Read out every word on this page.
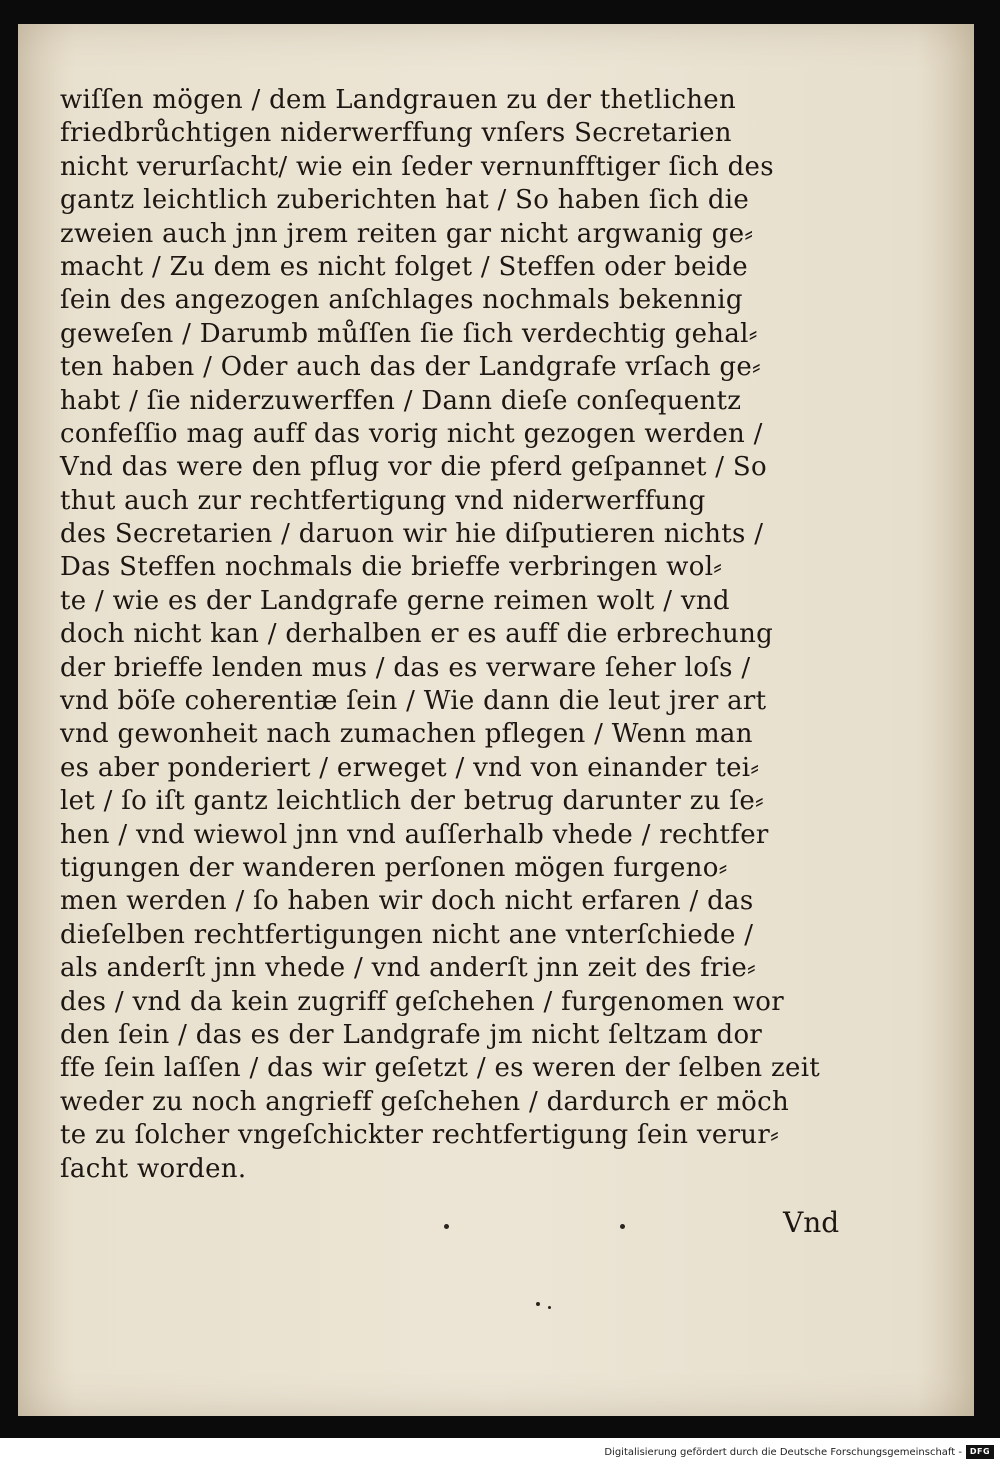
wiſſen mögen / dem Landgrauen zu der thetlichen
friedbrůchtigen niderwerffung vnſers Secretarien
nicht verurſacht/ wie ein ſeder vernunfftiger ſich des
gantz leichtlich zuberichten hat / So haben ſich die
zweien auch jnn jrem reiten gar nicht argwanig ge⸗
macht / Zu dem es nicht folget / Steffen oder beide
ſein des angezogen anſchlages nochmals bekennig
geweſen / Darumb můſſen ſie ſich verdechtig gehal⸗
ten haben / Oder auch das der Landgrafe vrſach ge⸗
habt / ſie niderzuwerffen / Dann dieſe conſequentz
confeſſio mag auff das vorig nicht gezogen werden /
Vnd das were den pflug vor die pferd geſpannet / So
thut auch zur rechtfertigung vnd niderwerffung
des Secretarien / daruon wir hie diſputieren nichts /
Das Steffen nochmals die brieffe verbringen wol⸗
te / wie es der Landgrafe gerne reimen wolt / vnd
doch nicht kan / derhalben er es auff die erbrechung
der brieffe lenden mus / das es verware ſeher loſs /
vnd böſe coherentiæ ſein / Wie dann die leut jrer art
vnd gewonheit nach zumachen pflegen / Wenn man
es aber ponderiert / erweget / vnd von einander tei⸗
let / ſo iſt gantz leichtlich der betrug darunter zu ſe⸗
hen / vnd wiewol jnn vnd auſſerhalb vhede / rechtfer
tigungen der wanderen perſonen mögen furgeno⸗
men werden / ſo haben wir doch nicht erfaren / das
dieſelben rechtfertigungen nicht ane vnterſchiede /
als anderſt jnn vhede / vnd anderſt jnn zeit des frie⸗
des / vnd da kein zugriff geſchehen / furgenomen wor
den ſein / das es der Landgrafe jm nicht ſeltzam dor
ffe ſein laſſen / das wir geſetzt / es weren der ſelben zeit
weder zu noch angrieff geſchehen / dardurch er möch
te zu ſolcher vngeſchickter rechtfertigung ſein verur⸗
ſacht worden.
Vnd
Digitalisierung gefördert durch die Deutsche Forschungsgemeinschaft - DFG
